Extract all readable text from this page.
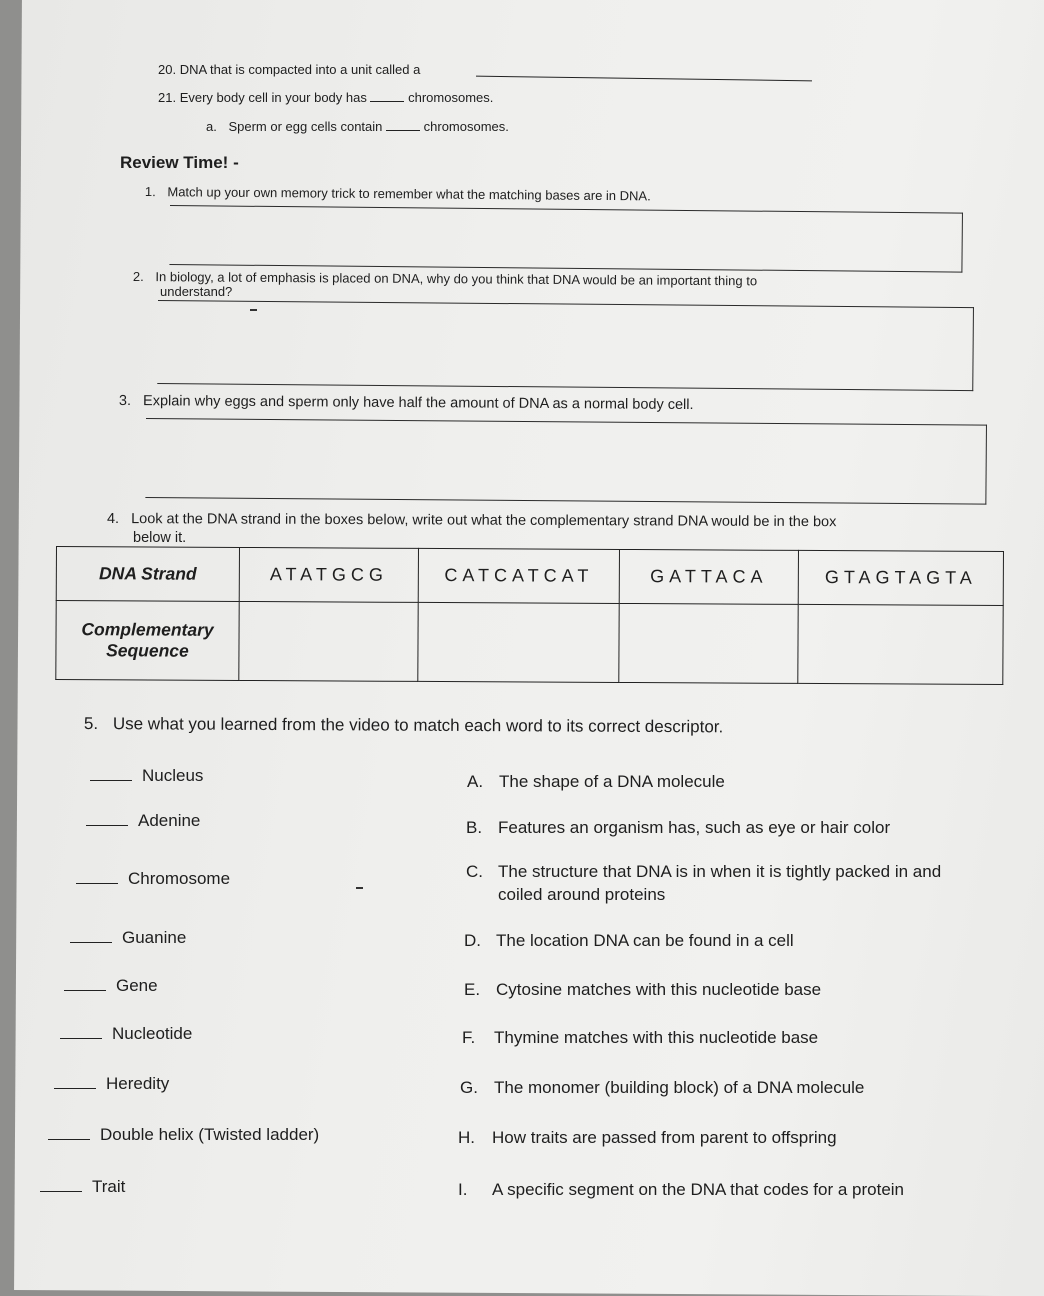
20. DNA that is compacted into a unit called a
21. Every body cell in your body has	chromosomes.
a. Sperm or egg cells contain	chromosomes.
Review Time! -
1. Match up your own memory trick to remember what the matching bases are in DNA.
2. In biology, a lot of emphasis is placed on DNA, why do you think that DNA would be an important thing to
understand?
3. Explain why eggs and sperm only have half the amount of DNA as a normal body cell.
4. Look at the DNA strand in the boxes below, write out what the complementary strand DNA would be in the box
below it.
DNA Strand	ATATGCG	CATCATCAT	GATTACA	GTAGTAGTA
Complementary
Sequence				
5. Use what you learned from the video to match each word to its correct descriptor.
Nucleus
Adenine
Chromosome
Guanine
Gene
Nucleotide
Heredity
Double helix (Twisted ladder)
Trait
A. The shape of a DNA molecule
B. Features an organism has, such as eye or hair color
C. The structure that DNA is in when it is tightly packed in and
coiled around proteins
D. The location DNA can be found in a cell
E. Cytosine matches with this nucleotide base
F. Thymine matches with this nucleotide base
G. The monomer (building block) of a DNA molecule
H. How traits are passed from parent to offspring
I. A specific segment on the DNA that codes for a protein
